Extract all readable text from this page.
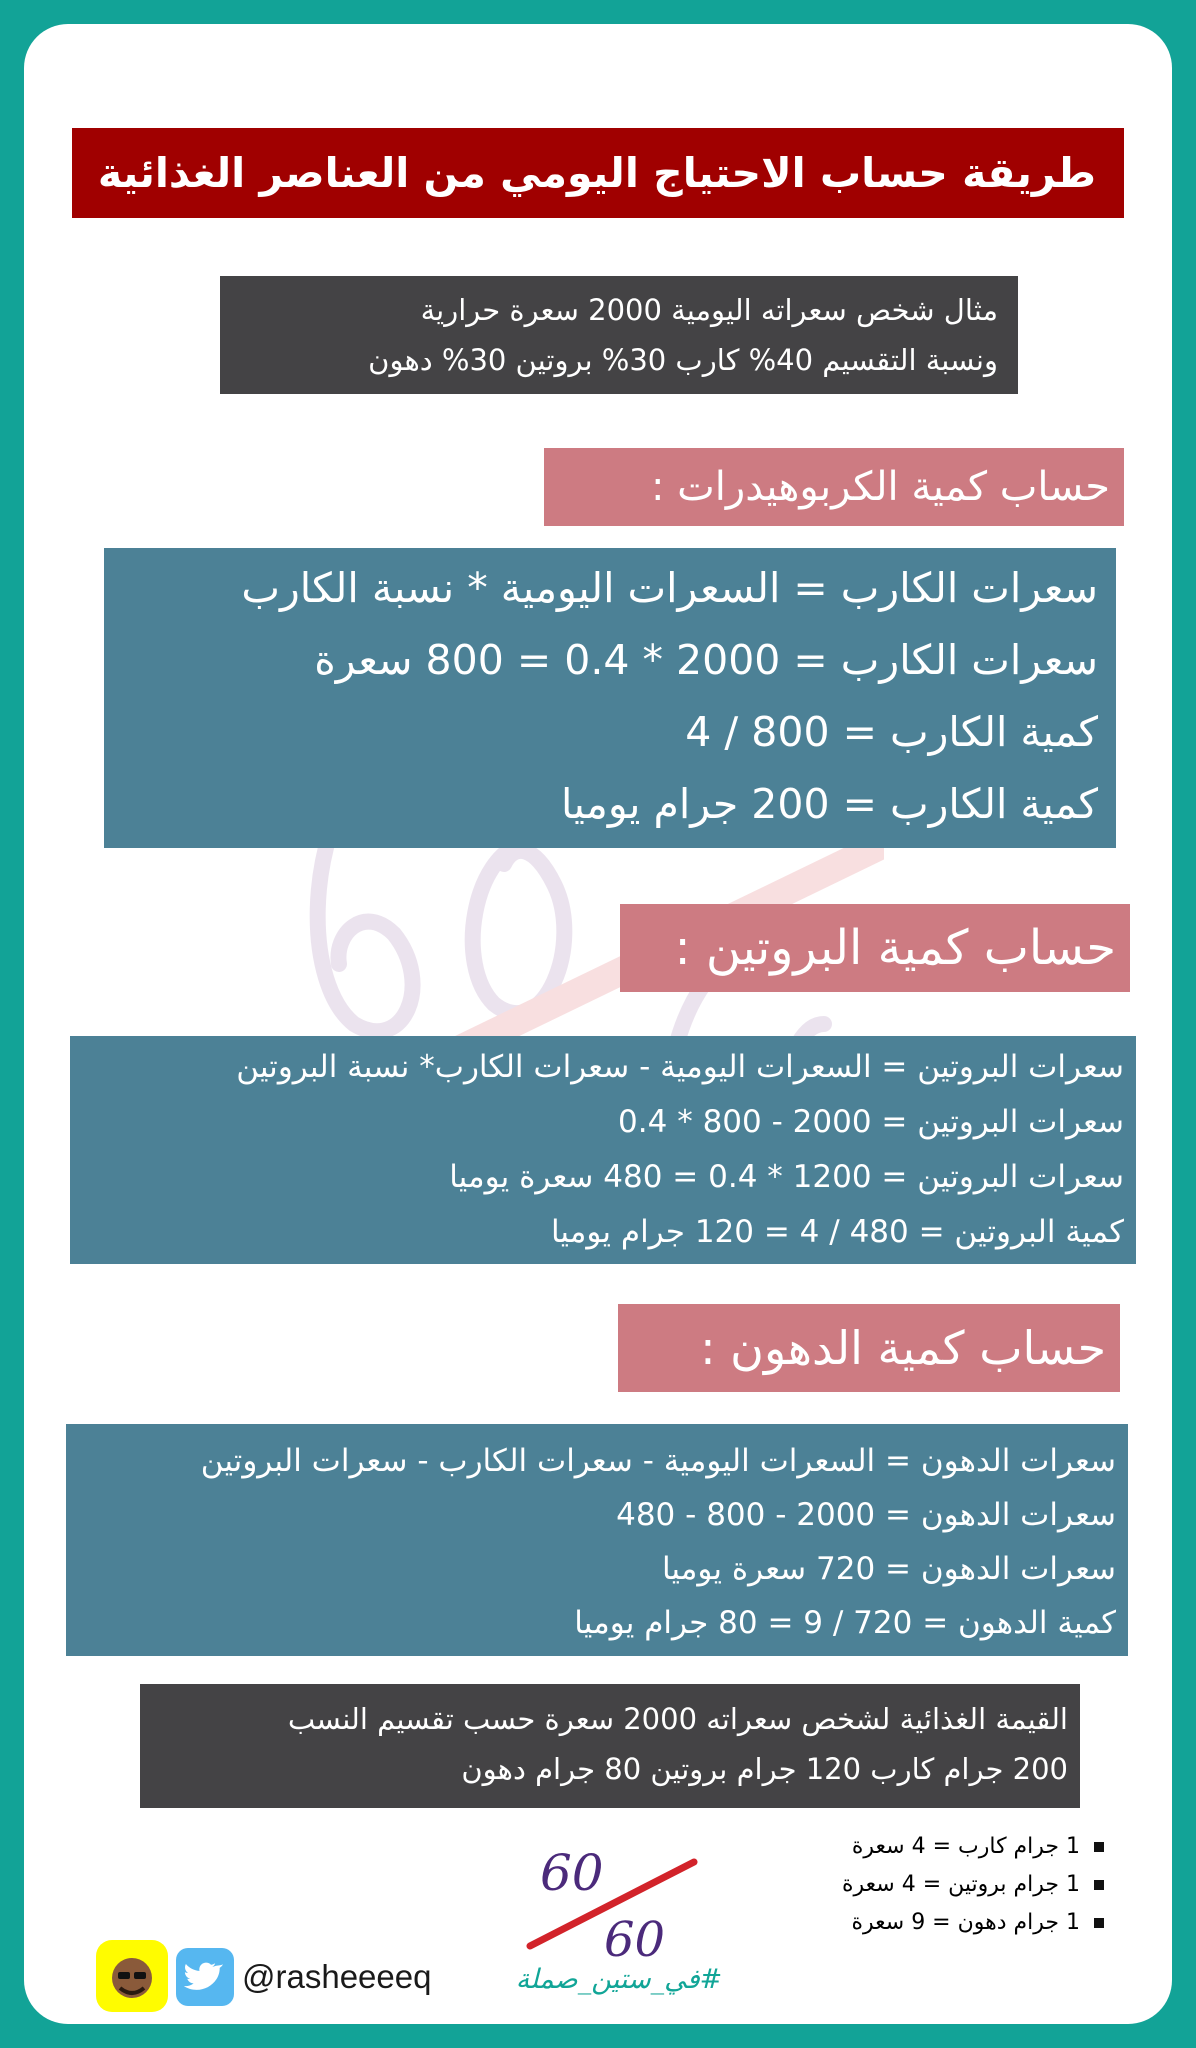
طريقة حساب الاحتياج اليومي من العناصر الغذائية
مثال شخص سعراته اليومية 2000 سعرة حرارية
ونسبة التقسيم 40% كارب 30% بروتين 30% دهون
حساب كمية الكربوهيدرات :
سعرات الكارب = السعرات اليومية * نسبة الكارب
سعرات الكارب = 2000 * 0.4 = 800 سعرة
كمية الكارب = 800 / 4
كمية الكارب = 200 جرام يوميا
حساب كمية البروتين :
سعرات البروتين = السعرات اليومية - سعرات الكارب* نسبة البروتين
سعرات البروتين = 2000 - 800 * 0.4
سعرات البروتين = 1200 * 0.4 = 480 سعرة يوميا
كمية البروتين = 480 / 4 = 120 جرام يوميا
حساب كمية الدهون :
سعرات الدهون = السعرات اليومية - سعرات الكارب - سعرات البروتين
سعرات الدهون = 2000 - 800 - 480
سعرات الدهون = 720 سعرة يوميا
كمية الدهون = 720 / 9 = 80 جرام يوميا
القيمة الغذائية لشخص سعراته 2000 سعرة حسب تقسيم النسب
200 جرام كارب 120 جرام بروتين 80 جرام دهون
1 جرام كارب = 4 سعرة
1 جرام بروتين = 4 سعرة
1 جرام دهون = 9 سعرة
60
60
#في_ستين_صملة
@rasheeeeq
